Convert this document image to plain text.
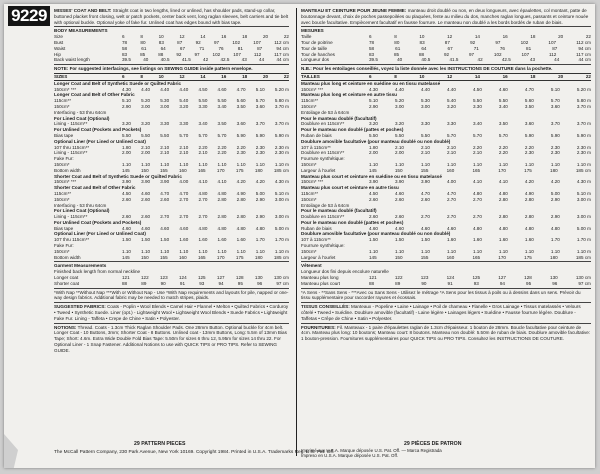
9229	MISSES' COAT AND BELT: Straight coat in two lengths, lined or unlined, has shoulder pads, stand-up collar, buttoned placket front closing, welt or patch pockets, center back vent, long raglan sleeves, belt carriers and tie belt with optional buckle. Optional yoke of fake fur. Unlined coat has edges bound with bias tape.

BODY MEASUREMENTS

Size	6	8	10	12	14	16	18	20	22
Bust	78	80	83	87	92	97	102	107	112 cm
Waist	58	61	64	67	71	76	81	87	94 cm
Hip	83	85	88	92	97	102	107	112	117 cm
Back waist length	39.5	40	40.5	41.5	42	42.5	43	44	44 cm

NOTE: For suggested interfacings, see listings on SEWING GUIDE inside pattern envelope.

SIZES	6	8	10	12	14	16	18	20	22
Longer Coat and Belt of Synthetic Suede or Quilted Fabric
150cm* ***	4.30 4.40 4.40 4.40 4.50 4.60 4.70 5.10 5.20 m
Longer Coat and Belt of Other Fabric
115cm**	5.10 5.20 5.30 5.40 5.50 5.50 5.60 5.70 5.80 m
150cm*	2.90 3.00 3.00 3.20 3.30 3.40 3.50 3.60 3.70 m
Interfacing - 53 thru 64cm
For Lined Coat (Optional)
Lining - 115cm**	3.20 3.20 3.30 3.30 3.40 3.50 3.60 3.70 3.70 m
For Unlined Coat (Pockets and Pockets)
Bias tape	5.50 5.50 5.50 5.70 5.70 5.70 5.90 5.90 5.90 m
Optional Liner (For Lined or Unlined Coat)
107 thru 115cm**	1.80 2.10 2.10 2.10 2.20 2.20 2.20 2.30 2.30 m
Lining - 115cm**	2.00 2.00 2.10 2.10 2.10 2.20 2.30 2.30 2.30 m
Fake Fur:
150cm*	1.10 1.10 1.10 1.10 1.10 1.10 1.10 1.10 1.10 m
Bottom width	145 150 155 160 165 170 175 180 185 cm
Shorter Coat and Belt of Synthetic Suede or Quilted Fabric
150cm* ***	3.90 3.90 3.90 4.00 4.10 4.10 4.20 4.20 4.30 m
Shorter Coat and Belt of Other Fabric
115cm**	4.50 4.60 4.70 4.70 4.80 4.80 4.90 5.00 5.10 m
150cm*	2.60 2.60 2.60 2.70 2.70 2.80 2.80 2.90 3.00 m
Interfacing - 53 thru 64cm
For Lined Coat (Optional)
Lining - 115cm**	2.60 2.60 2.70 2.70 2.70 2.80 2.80 2.90 3.00 m
For Unlined Coat (Pockets and Pockets)
Bias tape	4.60 4.60 4.60 4.60 4.80 4.80 4.80 4.80 5.00 m
Optional Liner (For Lined or Unlined Coat)
107 thru 115cm**	1.50 1.50 1.50 1.60 1.60 1.60 1.60 1.70 1.70 m
Fake Fur:
150cm*	1.10 1.10 1.10 1.10 1.10 1.10 1.10 1.10 1.10 m
Bottom width	145 150 155 160 165 170 175 180 185 cm

Garment Measurements

Finished back length from normal neckline

Longer coat	121 122 123 124 125 127 128 130 130 cm
Shorter coat	88	89	90	91	93	94	95	96	97 cm

*With Nap **Without Nap ***With or Without Nap - Use *With Nap requirements and layouts for pile, napped or one-way design fabrics. Additional fabric may be needed to match stripes, plaids.

SUGGESTED FABRICS: Coats - Poplin • Wool Blends • Camel Hair • Flannel • Melton • Quilted Fabrics • Corduroy • Tweed • Synthetic Suede. Liner (opt.) - Lightweight Wool • Lightweight Wool Blends • Suede Fabrics • Lightweight Fake Fur. Lining - Taffeta • Crepe de Chine • Satin • Polyester.

NOTIONS: Thread. Coats - 1.3cm Thick Raglan Shoulder Pads. One 28mm Button. Optional buckle for 4cm belt. Longer Coat - 10 Buttons, 3mm; Shorter Coat - 8 Buttons. Unlined coat - 13mm Buttons, Long: 5.5m of 13mm Bias Tape; Short: 4.6m. Extra Wide Double Fold Bias Tape: 5.50m for sizes 6 thru 12, 5.95m for sizes 14 thru 22. For Optional Liner - 1 Snap Fastener. Additional Notions to use with QUICK TIPS or PRO TIPS. Refer to SEWING GUIDE.

MANTEAU ET CEINTURE POUR JEUNE FEMME: manteau droit doublé ou non, en deux longueurs, avec épaulettes, col montant, patte de boutonnage devant, choix de poches passepoilées ou plaquées, fente au milieu du dos, manches raglan longues, passants et ceinture nouée avec boucle facultative. Empiècement facultatif en fausse fourrure. Le manteau non doublé a les bords bordés de ruban de biais.

MESURES

Taille	6	8	10	12	14	16	18	20	22
Tour de poitrine	78	80	83	87	92	97	102	107	112 cm
Tour de taille	58	61	64	67	71	76	81	87	94 cm
Tour de hanches	83	85	88	92	97	102	107	112	117 cm
Longueur dos	39.5	40	40.5	41.5	42	42.5	43	44	44 cm

N.B.: Pour les entoilages conseillés, voyez la liste donnée avec les INSTRUCTIONS DE COUTURE dans la pochette.

TAILLES	6	8	10	12	14	16	18	20	22
Manteau plus long et ceinture en suédine ou en tissu matelassé
150cm* ***	4.30	4.40	4.40	4.40	4.50	4.60	4.70	5.10	5.20 m
Manteau plus long et ceinture en autre tissu
115cm**	5.10	5.20	5.30	5.40	5.50	5.50	5.60	5.70	5.80 m
150cm*	2.90	3.00	3.00	3.20	3.30	3.40	3.50	3.60	3.70 m
Entoilage de 53 à 64cm
Pour le manteau doublé (facultatif)
Doublure en 115cm**	3.20	3.20	3.30	3.30	3.40	3.50	3.60	3.70	3.70 m
Pour le manteau non doublé (pattes et poches)
Ruban de biais	5.50	5.50	5.50	5.70	5.70	5.70	5.90	5.90	5.90 m
Doublure amovible facultative (pour manteau doublé ou non doublé)
107 à 115cm**	1.80	2.10	2.10	2.10	2.20	2.20	2.20	2.30	2.30 m
Doublure en 115cm**	2.00	2.00	2.10	2.10	2.10	2.20	2.30	2.30	2.30 m
Fourrure synthétique:
150cm*	1.10	1.10	1.10	1.10	1.10	1.10	1.10	1.10	1.10 m
Largeur à l'ourlet	145	150	155	160	165	170	175	180	185 cm
Manteau plus court et ceinture en suédine ou en tissu matelassé
150cm* ***	3.90	3.90	3.90	4.00	4.10	4.10	4.20	4.20	4.30 m
Manteau plus court et ceinture en autre tissu
115cm**	4.50	4.60	4.70	4.70	4.80	4.80	4.90	5.00	5.10 m
150cm*	2.60	2.60	2.60	2.70	2.70	2.80	2.80	2.90	3.00 m
Entoilage de 53 à 64cm
Pour le manteau doublé (facultatif)
Doublure en 115cm**	2.60	2.60	2.70	2.70	2.70	2.80	2.80	2.90	3.00 m
Pour le manteau non doublé (pattes et poches)
Ruban de biais	4.60	4.60	4.60	4.60	4.80	4.80	4.80	4.80	5.00 m
Doublure amovible facultative (pour manteau doublé ou non doublé)
107 à 115cm**	1.50	1.50	1.50	1.60	1.60	1.60	1.60	1.70	1.70 m
Fourrure synthétique:
150cm*	1.10	1.10	1.10	1.10	1.10	1.10	1.10	1.10	1.10 m
Largeur à l'ourlet	145	150	155	160	165	170	175	180	185 cm

Vêtement

Longueur dos fini depuis encolure naturelle

Manteau plus long	121	122	123	124	125	127	128	130	130 cm
Manteau plus court	88	89	90	91	93	94	95	96	97 cm

*A Sens - **Sans Sens - ***Avec ou Sans Sens - Utilisez le métrage *A Sens pour les tissus à poils ou à dessins dans un sens. Prévoir du tissu supplémentaire pour raccorder rayures et écossais.

TISSUS CONSEILLÉS: Manteaux - Popeline • Laine • Lainage • Poil de chameau • Flanelle • Gros Lainage • Tissus matelassés • Velours côtelé • Tweed • Suédine. Doublure amovible (facultatif) - Laine légère • Lainages légers • Suédine • Fausse fourrure légère. Doublure - Taffetas • Crêpe de Chine • Satin • Polyester.

FOURNITURES: Fil. Manteaux - 1 paire d'épaulettes raglan de 1.3cm d'épaisseur. 1 bouton de 28mm. Boucle facultative pour ceinture de 4cm. Manteau plus long: 10 boutons; Manteau court: 8 boutons. Manteau non doublé: 5.50m de ruban de biais. Doublure amovible facultative: 1 bouton-pression. Fournitures supplémentaires pour QUICK TIPS ou PRO TIPS. Consultez les INSTRUCTIONS DE COUTURE.

29 PATTERN PIECES	29 PIÈCES DE PATRON
The McCall Pattern Company, 230 Park Avenue, New York 10169. Copyright 1984. Printed in U.S.A. Trademarks Reg. U.S. Pat. Off.
Imprimé aux U.S.A. Marque déposée U.S. Pat. Off. — Marca Registrada
Impreso en U.S.A. Marque déposée U.S. Pat. Off.
